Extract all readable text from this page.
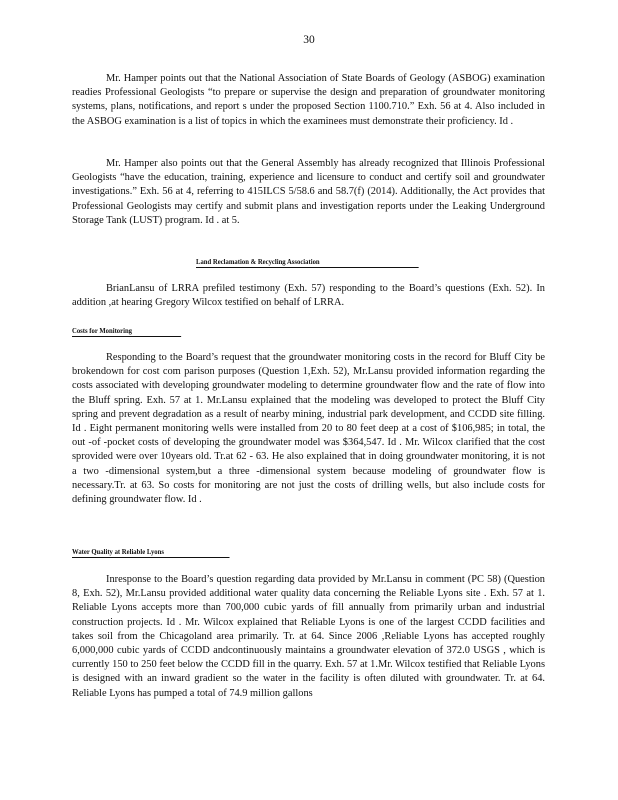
30

Mr. Hamper points out that the National Association of State Boards of Geology (ASBOG) examination readies Professional Geologists “to prepare or supervise the design and preparation of groundwater monitoring systems, plans, notifications, and report s under the proposed Section 1100.710.” Exh. 56 at 4. Also included in the ASBOG examination is a list of topics in which the examinees must demonstrate their proficiency. Id .

Mr. Hamper also points out that the General Assembly has already recognized that Illinois Professional Geologists “have the education, training, experience and licensure to conduct and certify soil and groundwater investigations.” Exh. 56 at 4, referring to 415ILCS 5/58.6 and 58.7(f) (2014). Additionally, the Act provides that Professional Geologists may certify and submit plans and investigation reports under the Leaking Underground Storage Tank (LUST) program. Id . at 5.

Land Reclamation & Recycling Association

BrianLansu of LRRA prefiled testimony (Exh. 57) responding to the Board’s questions (Exh. 52). In addition ,at hearing Gregory Wilcox testified on behalf of LRRA.

Costs for Monitoring

Responding to the Board’s request that the groundwater monitoring costs in the record for Bluff City be brokendown for cost com parison purposes (Question 1,Exh. 52), Mr.Lansu provided information regarding the costs associated with developing groundwater modeling to determine groundwater flow and the rate of flow into the Bluff spring. Exh. 57 at 1. Mr.Lansu explained that the modeling was developed to protect the Bluff City spring and prevent degradation as a result of nearby mining, industrial park development, and CCDD site filling. Id . Eight permanent monitoring wells were installed from 20 to 80 feet deep at a cost of $106,985; in total, the out -of -pocket costs of developing the groundwater model was $364,547. Id . Mr. Wilcox clarified that the cost sprovided were over 10years old. Tr.at 62 - 63. He also explained that in doing groundwater monitoring, it is not a two -dimensional system,but a three -dimensional system because modeling of groundwater flow is necessary.Tr. at 63. So costs for monitoring are not just the costs of drilling wells, but also include costs for defining groundwater flow. Id .

Water Quality at Reliable Lyons

Inresponse to the Board’s question regarding data provided by Mr.Lansu in comment (PC 58) (Question 8, Exh. 52), Mr.Lansu provided additional water quality data concerning the Reliable Lyons site . Exh. 57 at 1. Reliable Lyons accepts more than 700,000 cubic yards of fill annually from primarily urban and industrial construction projects. Id . Mr. Wilcox explained that Reliable Lyons is one of the largest CCDD facilities and takes soil from the Chicagoland area primarily. Tr. at 64. Since 2006 ,Reliable Lyons has accepted roughly 6,000,000 cubic yards of CCDD andcontinuously maintains a groundwater elevation of 372.0 USGS , which is currently 150 to 250 feet below the CCDD fill in the quarry. Exh. 57 at 1.Mr. Wilcox testified that Reliable Lyons is designed with an inward gradient so the water in the facility is often diluted with groundwater. Tr. at 64. Reliable Lyons has pumped a total of 74.9 million gallons
